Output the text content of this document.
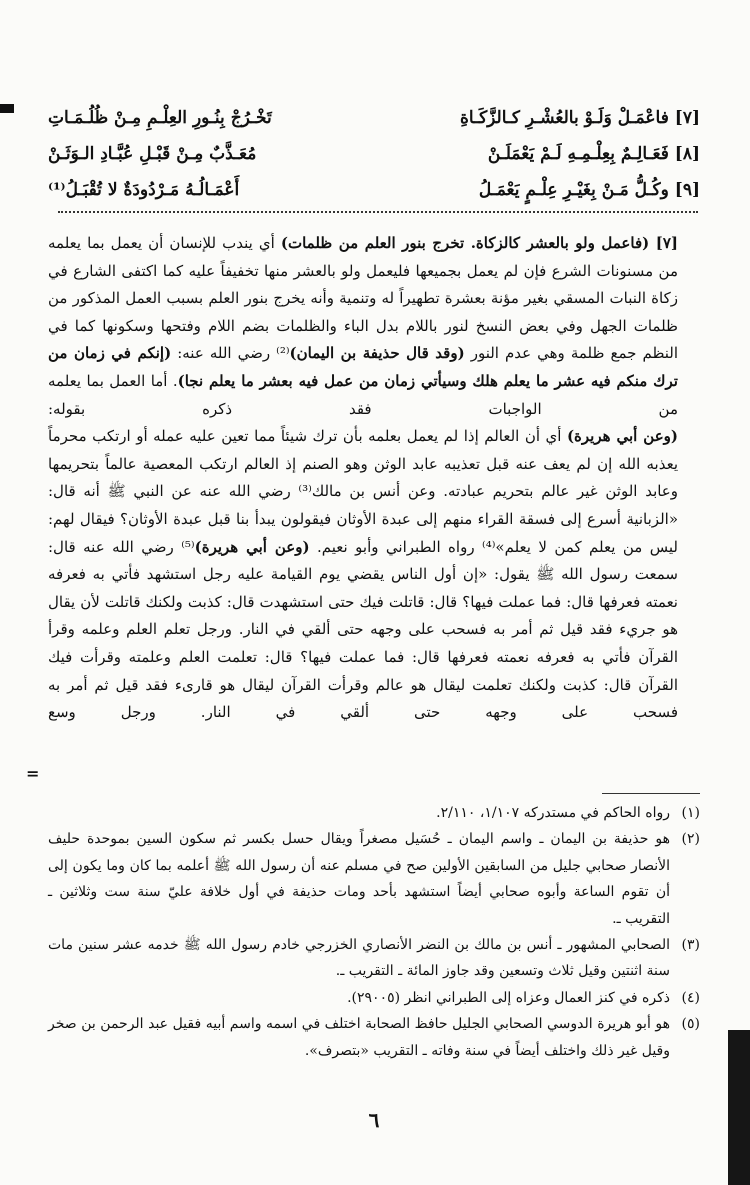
[٧] فاعْمَـلْ وَلَـوْ بالعُشْـرِ كـالزَّكَـاةِ
تَخْـرُجْ بِنُـورِ العِلْـمِ مِـنْ ظُلُـمَـاتِ
[٨] فَعَـالِـمٌ بِعِلْـمِـهِ لَـمْ يَعْمَلَـنْ
مُعَـذَّبٌ مِـنْ قَبْـلِ عُبَّـادِ الـوَثَـنْ
[٩] وكُـلُّ مَـنْ بِغَيْـرِ عِلْـمٍ يَعْمَـلُ
أَعْمَـالُـهُ مَـرْدُودَةٌ لا تُقْبَـلُ⁽¹⁾

[٧] (فاعمل ولو بالعشر كالزكاة. تخرج بنور العلم من ظلمات) أي يندب للإنسان أن يعمل بما يعلمه من مسنونات الشرع فإن لم يعمل بجميعها فليعمل ولو بالعشر منها تخفيفاً عليه كما اكتفى الشارع في زكاة النبات المسقي بغير مؤنة بعشرة تطهيراً له وتنمية وأنه يخرج بنور العلم بسبب العمل المذكور من ظلمات الجهل وفي بعض النسخ لنور باللام بدل الباء والظلمات بضم اللام وفتحها وسكونها كما في النظم جمع ظلمة وهي عدم النور (وقد قال حذيفة بن اليمان)⁽²⁾ رضي الله عنه: (إنكم في زمان من ترك منكم فيه عشر ما يعلم هلك وسيأتي زمان من عمل فيه بعشر ما يعلم نجا). أما العمل بما يعلمه من الواجبات فقد ذكره بقوله:

(وعن أبي هريرة) أي أن العالم إذا لم يعمل بعلمه بأن ترك شيئاً مما تعين عليه عمله أو ارتكب محرماً يعذبه الله إن لم يعف عنه قبل تعذيبه عابد الوثن وهو الصنم إذ العالم ارتكب المعصية عالماً بتحريمها وعابد الوثن غير عالم بتحريم عبادته. وعن أنس بن مالك⁽³⁾ رضي الله عنه عن النبي ﷺ أنه قال: «الزبانية أسرع إلى فسقة القراء منهم إلى عبدة الأوثان فيقولون يبدأ بنا قبل عبدة الأوثان؟ فيقال لهم: ليس من يعلم كمن لا يعلم»⁽⁴⁾ رواه الطبراني وأبو نعيم. (وعن أبي هريرة)⁽⁵⁾ رضي الله عنه قال: سمعت رسول الله ﷺ يقول: «إن أول الناس يقضي يوم القيامة عليه رجل استشهد فأتي به فعرفه نعمته فعرفها قال: فما عملت فيها؟ قال: قاتلت فيك حتى استشهدت قال: كذبت ولكنك قاتلت لأن يقال هو جريء فقد قيل ثم أمر به فسحب على وجهه حتى ألقي في النار. ورجل تعلم العلم وعلمه وقرأ القرآن فأتي به فعرفه نعمته فعرفها قال: فما عملت فيها؟ قال: تعلمت العلم وعلمته وقرأت فيك القرآن قال: كذبت ولكنك تعلمت ليقال هو عالم وقرأت القرآن ليقال هو قارىء فقد قيل ثم أمر به فسحب على وجهه حتى ألقي في النار. ورجل وسع

(١)
رواه الحاكم في مستدركه ١/١٠٧، ٢/١١٠.
(٢)
هو حذيفة بن اليمان ـ واسم اليمان ـ حُسَيل مصغراً ويقال حسل بكسر ثم سكون السين بموحدة حليف الأنصار صحابي جليل من السابقين الأولين صح في مسلم عنه أن رسول الله ﷺ أعلمه بما كان وما يكون إلى أن تقوم الساعة وأبوه صحابي أيضاً استشهد بأحد ومات حذيفة في أول خلافة عليّ سنة ست وثلاثين ـ التقريب ـ.
(٣)
الصحابي المشهور ـ أنس بن مالك بن النضر الأنصاري الخزرجي خادم رسول الله ﷺ خدمه عشر سنين مات سنة اثنتين وقيل ثلاث وتسعين وقد جاوز المائة ـ التقريب ـ.
(٤)
ذكره في كنز العمال وعزاه إلى الطبراني انظر (٢٩٠٠٥).
(٥)
هو أبو هريرة الدوسي الصحابي الجليل حافظ الصحابة اختلف في اسمه واسم أبيه فقيل عبد الرحمن بن صخر وقيل غير ذلك واختلف أيضاً في سنة وفاته ـ التقريب «بتصرف».
٦
=
